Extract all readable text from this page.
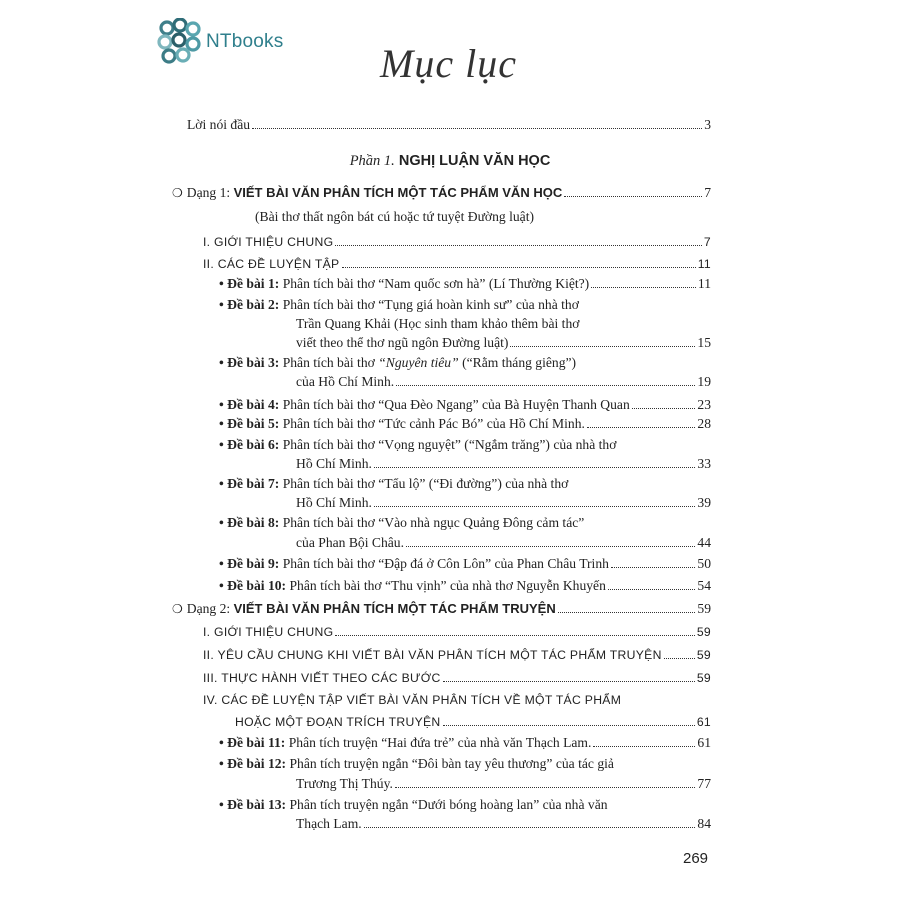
NTbooks Mục lục
Lời nói đầu	3
Phần 1. NGHỊ LUẬN VĂN HỌC
❍ Dạng 1: VIẾT BÀI VĂN PHÂN TÍCH MỘT TÁC PHẨM VĂN HỌC	7
(Bài thơ thất ngôn bát cú hoặc tứ tuyệt Đường luật)
I. GIỚI THIỆU CHUNG	7
II. CÁC ĐỀ LUYỆN TẬP	11
• Đề bài 1: Phân tích bài thơ “Nam quốc sơn hà” (Lí Thường Kiệt?)	11
• Đề bài 2: Phân tích bài thơ “Tụng giá hoàn kinh sư” của nhà thơ
Trần Quang Khải (Học sinh tham khảo thêm bài thơ
viết theo thể thơ ngũ ngôn Đường luật)	15
• Đề bài 3: Phân tích bài thơ “Nguyên tiêu” (“Rằm tháng giêng”)
của Hồ Chí Minh.	19
• Đề bài 4: Phân tích bài thơ “Qua Đèo Ngang” của Bà Huyện Thanh Quan	23
• Đề bài 5: Phân tích bài thơ “Tức cảnh Pác Bó” của Hồ Chí Minh.	28
• Đề bài 6: Phân tích bài thơ “Vọng nguyệt” (“Ngắm trăng”) của nhà thơ
Hồ Chí Minh.	33
• Đề bài 7: Phân tích bài thơ “Tẩu lộ” (“Đi đường”) của nhà thơ
Hồ Chí Minh.	39
• Đề bài 8: Phân tích bài thơ “Vào nhà ngục Quảng Đông cảm tác”
của Phan Bội Châu.	44
• Đề bài 9: Phân tích bài thơ “Đập đá ở Côn Lôn” của Phan Châu Trinh	50
• Đề bài 10: Phân tích bài thơ “Thu vịnh” của nhà thơ Nguyễn Khuyến	54
❍ Dạng 2: VIẾT BÀI VĂN PHÂN TÍCH MỘT TÁC PHẨM TRUYỆN	59
I. GIỚI THIỆU CHUNG	59
II. YÊU CẦU CHUNG KHI VIẾT BÀI VĂN PHÂN TÍCH MỘT TÁC PHẨM TRUYỆN	59
III. THỰC HÀNH VIẾT THEO CÁC BƯỚC	59
IV. CÁC ĐỀ LUYỆN TẬP VIẾT BÀI VĂN PHÂN TÍCH VỀ MỘT TÁC PHẨM
HOẶC MỘT ĐOẠN TRÍCH TRUYỆN	61
• Đề bài 11: Phân tích truyện “Hai đứa trẻ” của nhà văn Thạch Lam.	61
• Đề bài 12: Phân tích truyện ngắn “Đôi bàn tay yêu thương” của tác giả
Trương Thị Thúy.	77
• Đề bài 13: Phân tích truyện ngắn “Dưới bóng hoàng lan” của nhà văn
Thạch Lam.	84
269
